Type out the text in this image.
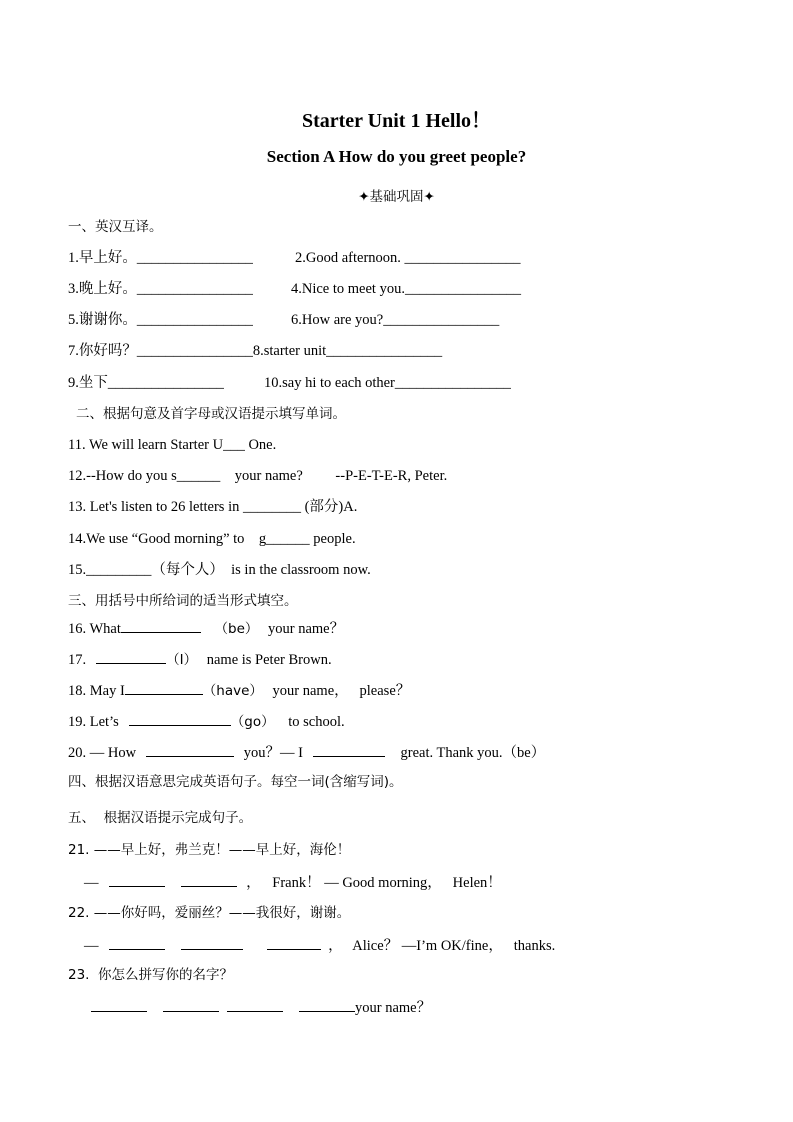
Starter Unit 1 Hello！
Section A How do you greet people?
✦基础巩固✦
一、英汉互译。
1.早上好。________________	2.Good afternoon. ________________
3.晚上好。________________	4.Nice to meet you.________________
5.谢谢你。________________	6.How are you?________________
7.你好吗？________________8.starter unit________________
9.坐下________________	10.say hi to each other________________
二、根据句意及首字母或汉语提示填写单词。
11. We will learn Starter U___ One.
12.--How do you s______    your name?         --P-E-T-E-R, Peter.
13. Let's listen to 26 letters in ________ (部分)A.
14.We use “Good morning” to    g______ people.
15._________（每个人）  is in the classroom now.
三、用括号中所给词的适当形式填空。
16. What	（be） your name？
17.	（I） name is Peter Brown.
18. May I	（have） your name，   please？
19. Let’s	（go） to school.
20. — How	you？— I	great. Thank you.（be）
四、根据汉语意思完成英语句子。每空一词(含缩写词)。
五、  根据汉语提示完成句子。
21. ——早上好，弗兰克！——早上好，海伦！
—	， Frank！ — Good morning，   Helen！
22. ——你好吗，爱丽丝？——我很好，谢谢。
—	， Alice？ —I’m OK/fine，   thanks.
23.  你怎么拼写你的名字？
your name？
